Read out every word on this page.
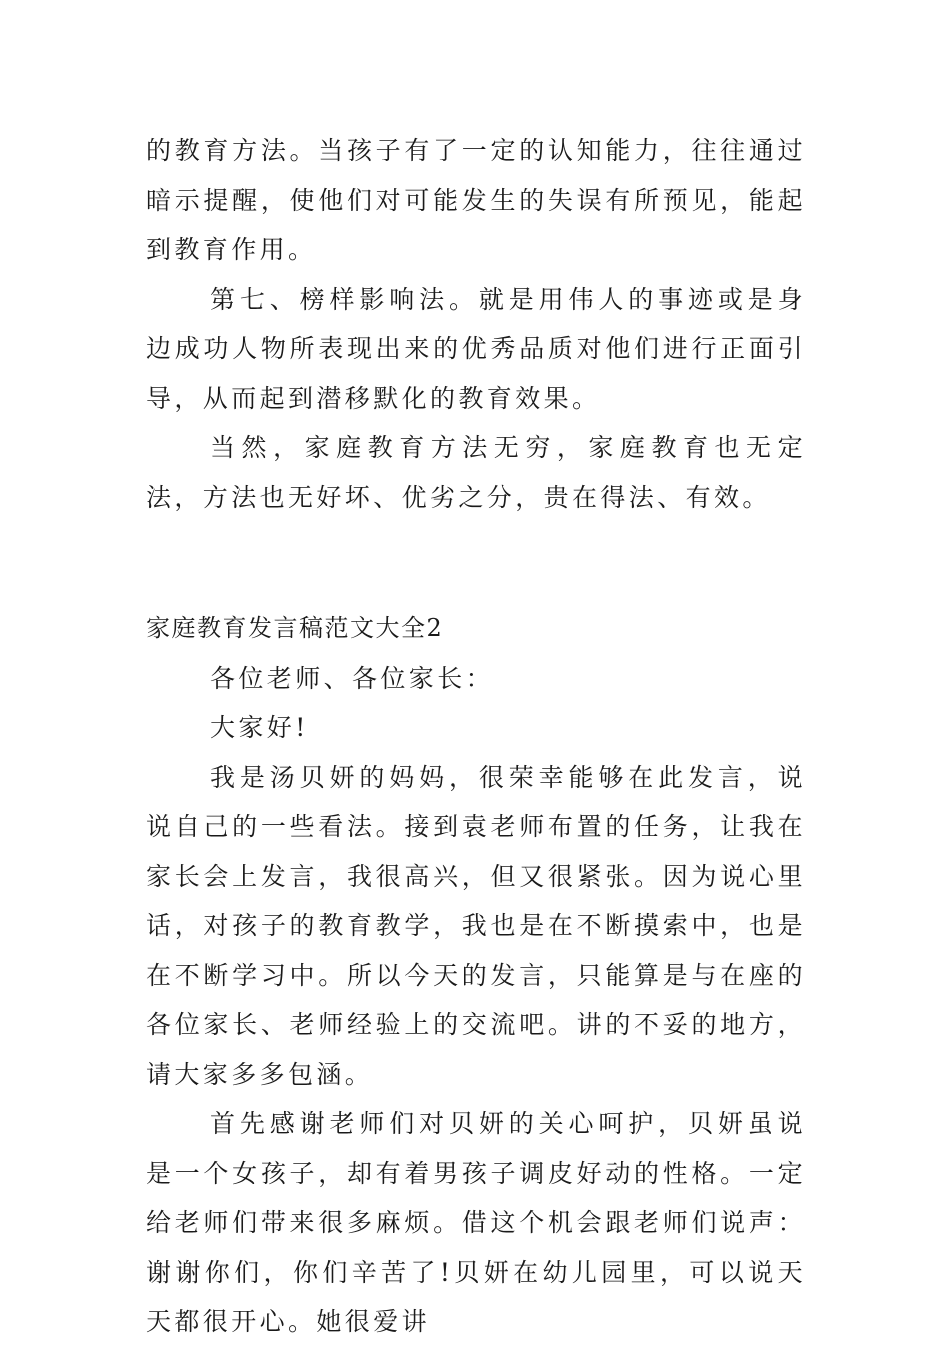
的教育方法。当孩子有了一定的认知能力，往往通过暗示提醒，使他们对可能发生的失误有所预见，能起到教育作用。

第七、榜样影响法。就是用伟人的事迹或是身边成功人物所表现出来的优秀品质对他们进行正面引导，从而起到潜移默化的教育效果。

当然，家庭教育方法无穷，家庭教育也无定法，方法也无好坏、优劣之分，贵在得法、有效。

家庭教育发言稿范文大全2

各位老师、各位家长：

大家好!

我是汤贝妍的妈妈，很荣幸能够在此发言，说说自己的一些看法。接到袁老师布置的任务，让我在家长会上发言，我很高兴，但又很紧张。因为说心里话，对孩子的教育教学，我也是在不断摸索中，也是在不断学习中。所以今天的发言，只能算是与在座的各位家长、老师经验上的交流吧。讲的不妥的地方，请大家多多包涵。

首先感谢老师们对贝妍的关心呵护，贝妍虽说是一个女孩子，却有着男孩子调皮好动的性格。一定给老师们带来很多麻烦。借这个机会跟老师们说声：谢谢你们，你们辛苦了!贝妍在幼儿园里，可以说天天都很开心。她很爱讲
